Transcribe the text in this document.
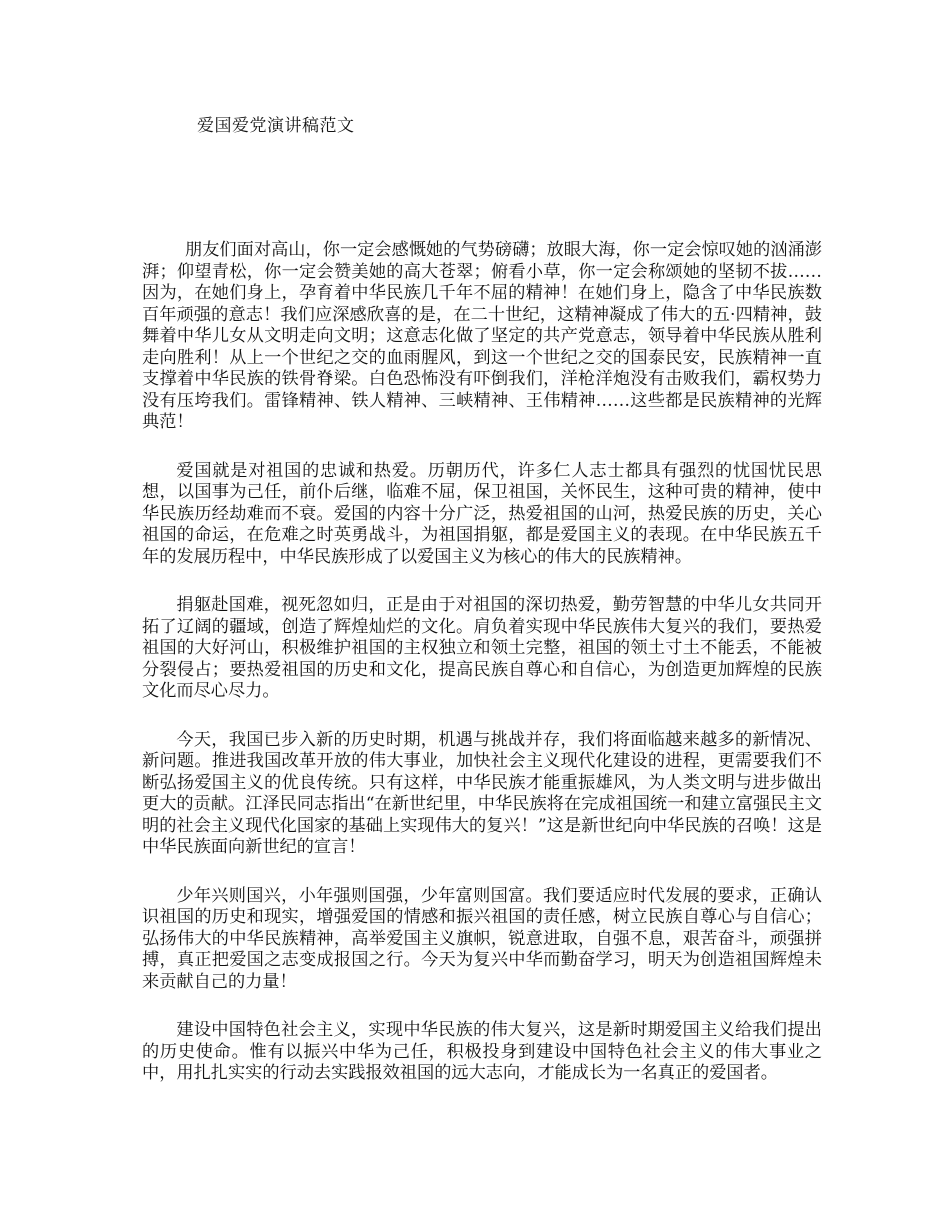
爱国爱党演讲稿范文

朋友们面对高山，你一定会感慨她的气势磅礴；放眼大海，你一定会惊叹她的汹涌澎湃；仰望青松，你一定会赞美她的高大苍翠；俯看小草，你一定会称颂她的坚韧不拔……因为，在她们身上，孕育着中华民族几千年不屈的精神！在她们身上，隐含了中华民族数百年顽强的意志！我们应深感欣喜的是，在二十世纪，这精神凝成了伟大的五·四精神，鼓舞着中华儿女从文明走向文明；这意志化做了坚定的共产党意志，领导着中华民族从胜利走向胜利！从上一个世纪之交的血雨腥风，到这一个世纪之交的国泰民安，民族精神一直支撑着中华民族的铁骨脊梁。白色恐怖没有吓倒我们，洋枪洋炮没有击败我们，霸权势力没有压垮我们。雷锋精神、铁人精神、三峡精神、王伟精神……这些都是民族精神的光辉典范！

爱国就是对祖国的忠诚和热爱。历朝历代，许多仁人志士都具有强烈的忧国忧民思想，以国事为己任，前仆后继，临难不屈，保卫祖国，关怀民生，这种可贵的精神，使中华民族历经劫难而不衰。爱国的内容十分广泛，热爱祖国的山河，热爱民族的历史，关心祖国的命运，在危难之时英勇战斗，为祖国捐躯，都是爱国主义的表现。在中华民族五千年的发展历程中，中华民族形成了以爱国主义为核心的伟大的民族精神。

捐躯赴国难，视死忽如归，正是由于对祖国的深切热爱，勤劳智慧的中华儿女共同开拓了辽阔的疆域，创造了辉煌灿烂的文化。肩负着实现中华民族伟大复兴的我们，要热爱祖国的大好河山，积极维护祖国的主权独立和领土完整，祖国的领土寸土不能丢，不能被分裂侵占；要热爱祖国的历史和文化，提高民族自尊心和自信心，为创造更加辉煌的民族文化而尽心尽力。

今天，我国已步入新的历史时期，机遇与挑战并存，我们将面临越来越多的新情况、新问题。推进我国改革开放的伟大事业，加快社会主义现代化建设的进程，更需要我们不断弘扬爱国主义的优良传统。只有这样，中华民族才能重振雄风，为人类文明与进步做出更大的贡献。江泽民同志指出“在新世纪里，中华民族将在完成祖国统一和建立富强民主文明的社会主义现代化国家的基础上实现伟大的复兴！”这是新世纪向中华民族的召唤！这是中华民族面向新世纪的宣言！

少年兴则国兴，小年强则国强，少年富则国富。我们要适应时代发展的要求，正确认识祖国的历史和现实，增强爱国的情感和振兴祖国的责任感，树立民族自尊心与自信心；弘扬伟大的中华民族精神，高举爱国主义旗帜，锐意进取，自强不息，艰苦奋斗，顽强拼搏，真正把爱国之志变成报国之行。今天为复兴中华而勤奋学习，明天为创造祖国辉煌未来贡献自己的力量！

建设中国特色社会主义，实现中华民族的伟大复兴，这是新时期爱国主义给我们提出的历史使命。惟有以振兴中华为己任，积极投身到建设中国特色社会主义的伟大事业之中，用扎扎实实的行动去实践报效祖国的远大志向，才能成长为一名真正的爱国者。
